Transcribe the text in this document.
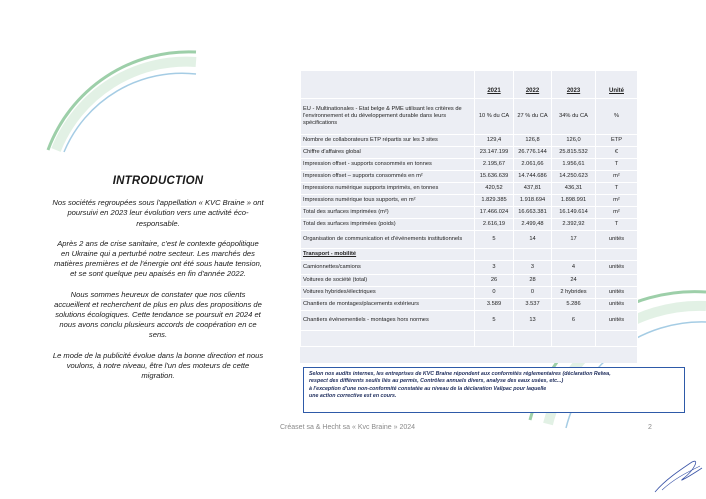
INTRODUCTION

Nos sociétés regroupées sous l'appellation « KVC Braine » ont poursuivi en 2023 leur évolution vers une activité éco-responsable.

Après 2 ans de crise sanitaire, c'est le contexte géopolitique en Ukraine qui a perturbé notre secteur. Les marchés des matières premières et de l'énergie ont été sous haute tension, et se sont quelque peu apaisés en fin d'année 2022.

Nous sommes heureux de constater que nos clients accueillent et recherchent de plus en plus des propositions de solutions écologiques. Cette tendance se poursuit en 2024 et nous avons conclu plusieurs accords de coopération en ce sens.

Le mode de la publicité évolue dans la bonne direction et nous voulons, à notre niveau, être l'un des moteurs de cette migration.

	2021	2022	2023	Unité
EU - Multinationales - Etat belge & PME utilisant les critères de l'environnement et du développement durable dans leurs spécifications	10 % du CA	27 % du CA	34% du CA	%
Nombre de collaborateurs ETP répartis sur les 3 sites	129,4	126,8	126,0	ETP
Chiffre d'affaires global	23.147.199	26.776.144	25.815.532	€
Impression offset - supports consommés en tonnes	2.195,67	2.061,66	1.956,61	T
Impression offset – supports consommés en m²	15.636.639	14.744.686	14.250.623	m²
Impressions numérique supports imprimés, en tonnes	420,52	437,81	436,31	T
Impressions numérique tous supports, en m²	1.829.385	1.918.694	1.898.991	m²
Total des surfaces imprimées (m²)	17.466.024	16.663.381	16.149.614	m²
Total des surfaces imprimées (poids)	2.616,19	2.499,48	2.392,92	T
Organisation de communication et d'événements institutionnels	5	14	17	unités
Transport - mobilité				
Camionnettes/camions	3	3	4	unités
Voitures de société (total)	26	28	24	
Voitures hybrides/électriques	0	0	2 hybrides	unités
Chantiers de montages/placements extérieurs	3.589	3.537	5.286	unités
Chantiers événementiels - montages hors normes	5	13	6	unités

Selon nos audits internes, les entreprises de KVC Braine répondent aux conformités réglementaires (déclaration Relwa,
respect des différents seuils liés au permis, Contrôles annuels divers, analyse des eaux usées, etc...)
à l'exception d'une non-conformité constatée au niveau de la déclaration Valipac pour laquelle
une action corrective est en cours.
Créaset sa & Hecht sa « Kvc Braine » 2024	2
